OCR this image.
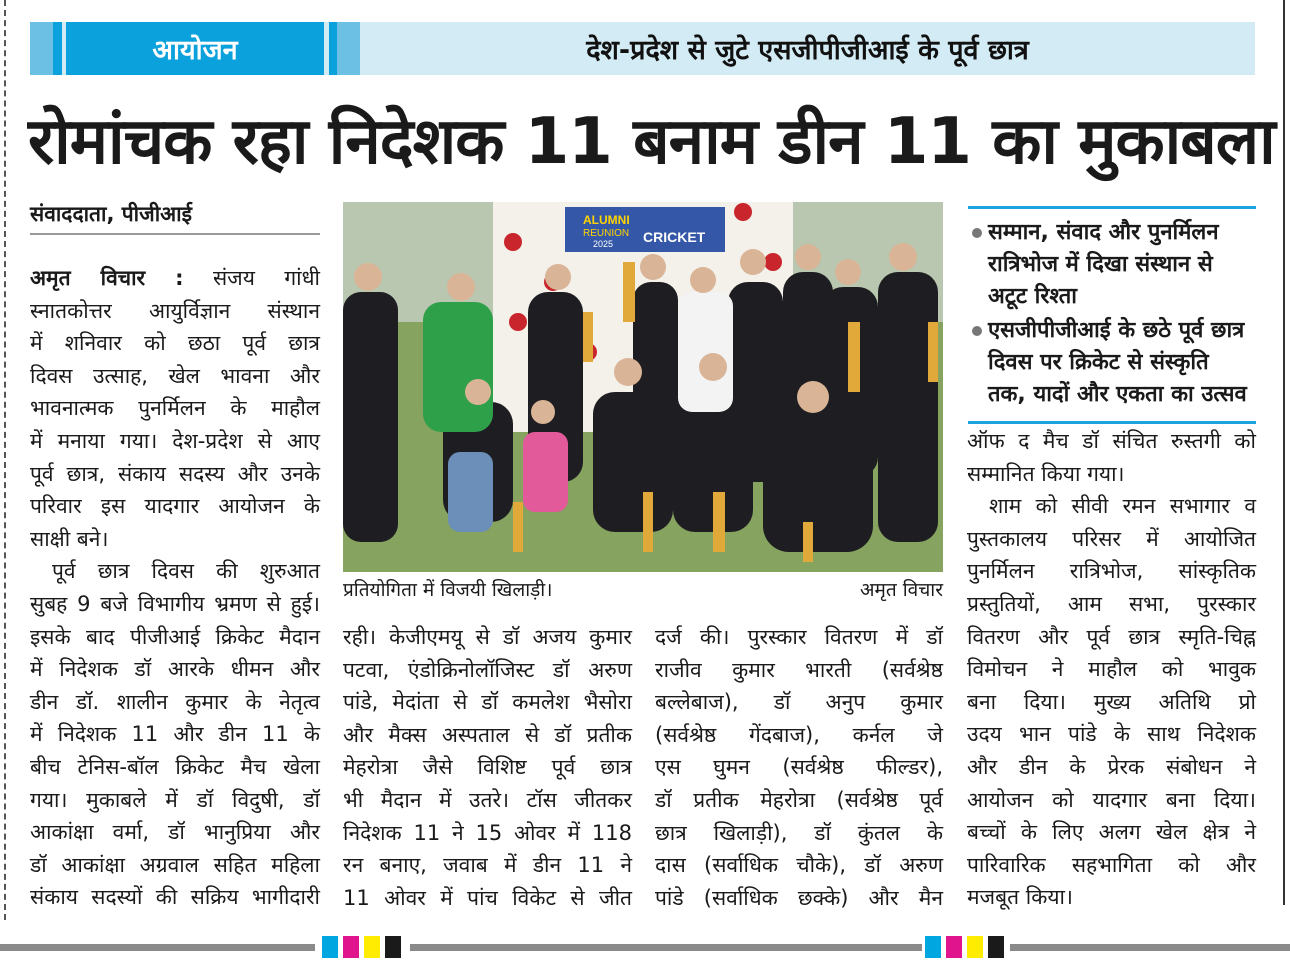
आयोजन	देश-प्रदेश से जुटे एसजीपीजीआई के पूर्व छात्र
रोमांचक रहा निदेशक 11 बनाम डीन 11 का मुकाबला
संवाददाता, पीजीआई
अमृत विचार : संजय गांधी
स्नातकोत्तर आयुर्विज्ञान संस्थान
में शनिवार को छठा पूर्व छात्र
दिवस उत्साह, खेल भावना और
भावनात्मक पुनर्मिलन के माहौल
में मनाया गया। देश-प्रदेश से आए
पूर्व छात्र, संकाय सदस्य और उनके
परिवार इस यादगार आयोजन के
साक्षी बने।
पूर्व छात्र दिवस की शुरुआत
सुबह 9 बजे विभागीय भ्रमण से हुई।
इसके बाद पीजीआई क्रिकेट मैदान
में निदेशक डॉ आरके धीमन और
डीन डॉ. शालीन कुमार के नेतृत्व
में निदेशक 11 और डीन 11 के
बीच टेनिस-बॉल क्रिकेट मैच खेला
गया। मुकाबले में डॉ विदुषी, डॉ
आकांक्षा वर्मा, डॉ भानुप्रिया और
डॉ आकांक्षा अग्रवाल सहित महिला
संकाय सदस्यों की सक्रिय भागीदारी
रही। केजीएमयू से डॉ अजय कुमार
पटवा, एंडोक्रिनोलॉजिस्ट डॉ अरुण
पांडे, मेदांता से डॉ कमलेश भैसोरा
और मैक्स अस्पताल से डॉ प्रतीक
मेहरोत्रा जैसे विशिष्ट पूर्व छात्र
भी मैदान में उतरे। टॉस जीतकर
निदेशक 11 ने 15 ओवर में 118
रन बनाए, जवाब में डीन 11 ने
11 ओवर में पांच विकेट से जीत
दर्ज की। पुरस्कार वितरण में डॉ
राजीव कुमार भारती (सर्वश्रेष्ठ
बल्लेबाज), डॉ अनुप कुमार
(सर्वश्रेष्ठ गेंदबाज), कर्नल जे
एस घुमन (सर्वश्रेष्ठ फील्डर),
डॉ प्रतीक मेहरोत्रा (सर्वश्रेष्ठ पूर्व
छात्र खिलाड़ी), डॉ कुंतल के
दास (सर्वाधिक चौके), डॉ अरुण
पांडे (सर्वाधिक छक्के) और मैन
ऑफ द मैच डॉ संचित रुस्तगी को
सम्मानित किया गया।
शाम को सीवी रमन सभागार व
पुस्तकालय परिसर में आयोजित
पुनर्मिलन रात्रिभोज, सांस्कृतिक
प्रस्तुतियों, आम सभा, पुरस्कार
वितरण और पूर्व छात्र स्मृति-चिह्न
विमोचन ने माहौल को भावुक
बना दिया। मुख्य अतिथि प्रो
उदय भान पांडे के साथ निदेशक
और डीन के प्रेरक संबोधन ने
आयोजन को यादगार बना दिया।
बच्चों के लिए अलग खेल क्षेत्र ने
पारिवारिक सहभागिता को और
मजबूत किया।
ALUMNI
REUNION
2025 CRICKET
प्रतियोगिता में विजयी खिलाड़ी।	अमृत विचार
सम्मान, संवाद और पुनर्मिलन
रात्रिभोज में दिखा संस्थान से
अटूट रिश्ता
एसजीपीजीआई के छठे पूर्व छात्र
दिवस पर क्रिकेट से संस्कृति
तक, यादों और एकता का उत्सव
